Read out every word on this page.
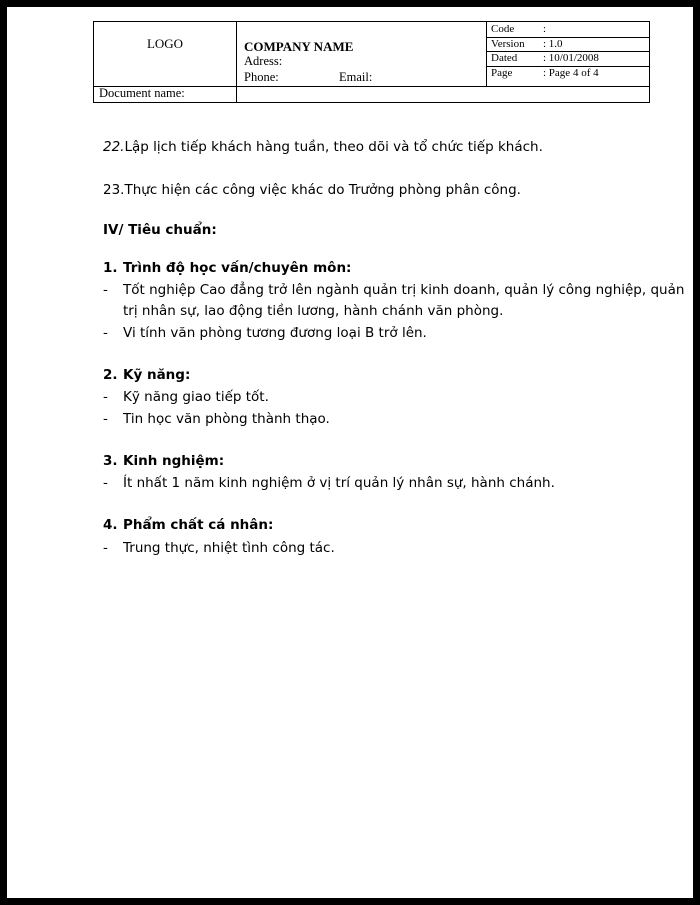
LOGO	COMPANY NAME
Adress:
Phone:	Email:
Code	:
Version : 1.0
Dated : 10/01/2008
Page	: Page 4 of 4
Document name:
22.Lập lịch tiếp khách hàng tuần, theo dõi và tổ chức tiếp khách.
23.Thực hiện các công việc khác do Trưởng phòng phân công.
IV/ Tiêu chuẩn:
1. Trình độ học vấn/chuyên môn:
- Tốt nghiệp Cao đẳng trở lên ngành quản trị kinh doanh, quản lý công nghiệp, quản
trị nhân sự, lao động tiền lương, hành chánh văn phòng.
- Vi tính văn phòng tương đương loại B trở lên.
2. Kỹ năng:
- Kỹ năng giao tiếp tốt.
- Tin học văn phòng thành thạo.
3. Kinh nghiệm:
- Ít nhất 1 năm kinh nghiệm ở vị trí quản lý nhân sự, hành chánh.
4. Phẩm chất cá nhân:
- Trung thực, nhiệt tình công tác.
